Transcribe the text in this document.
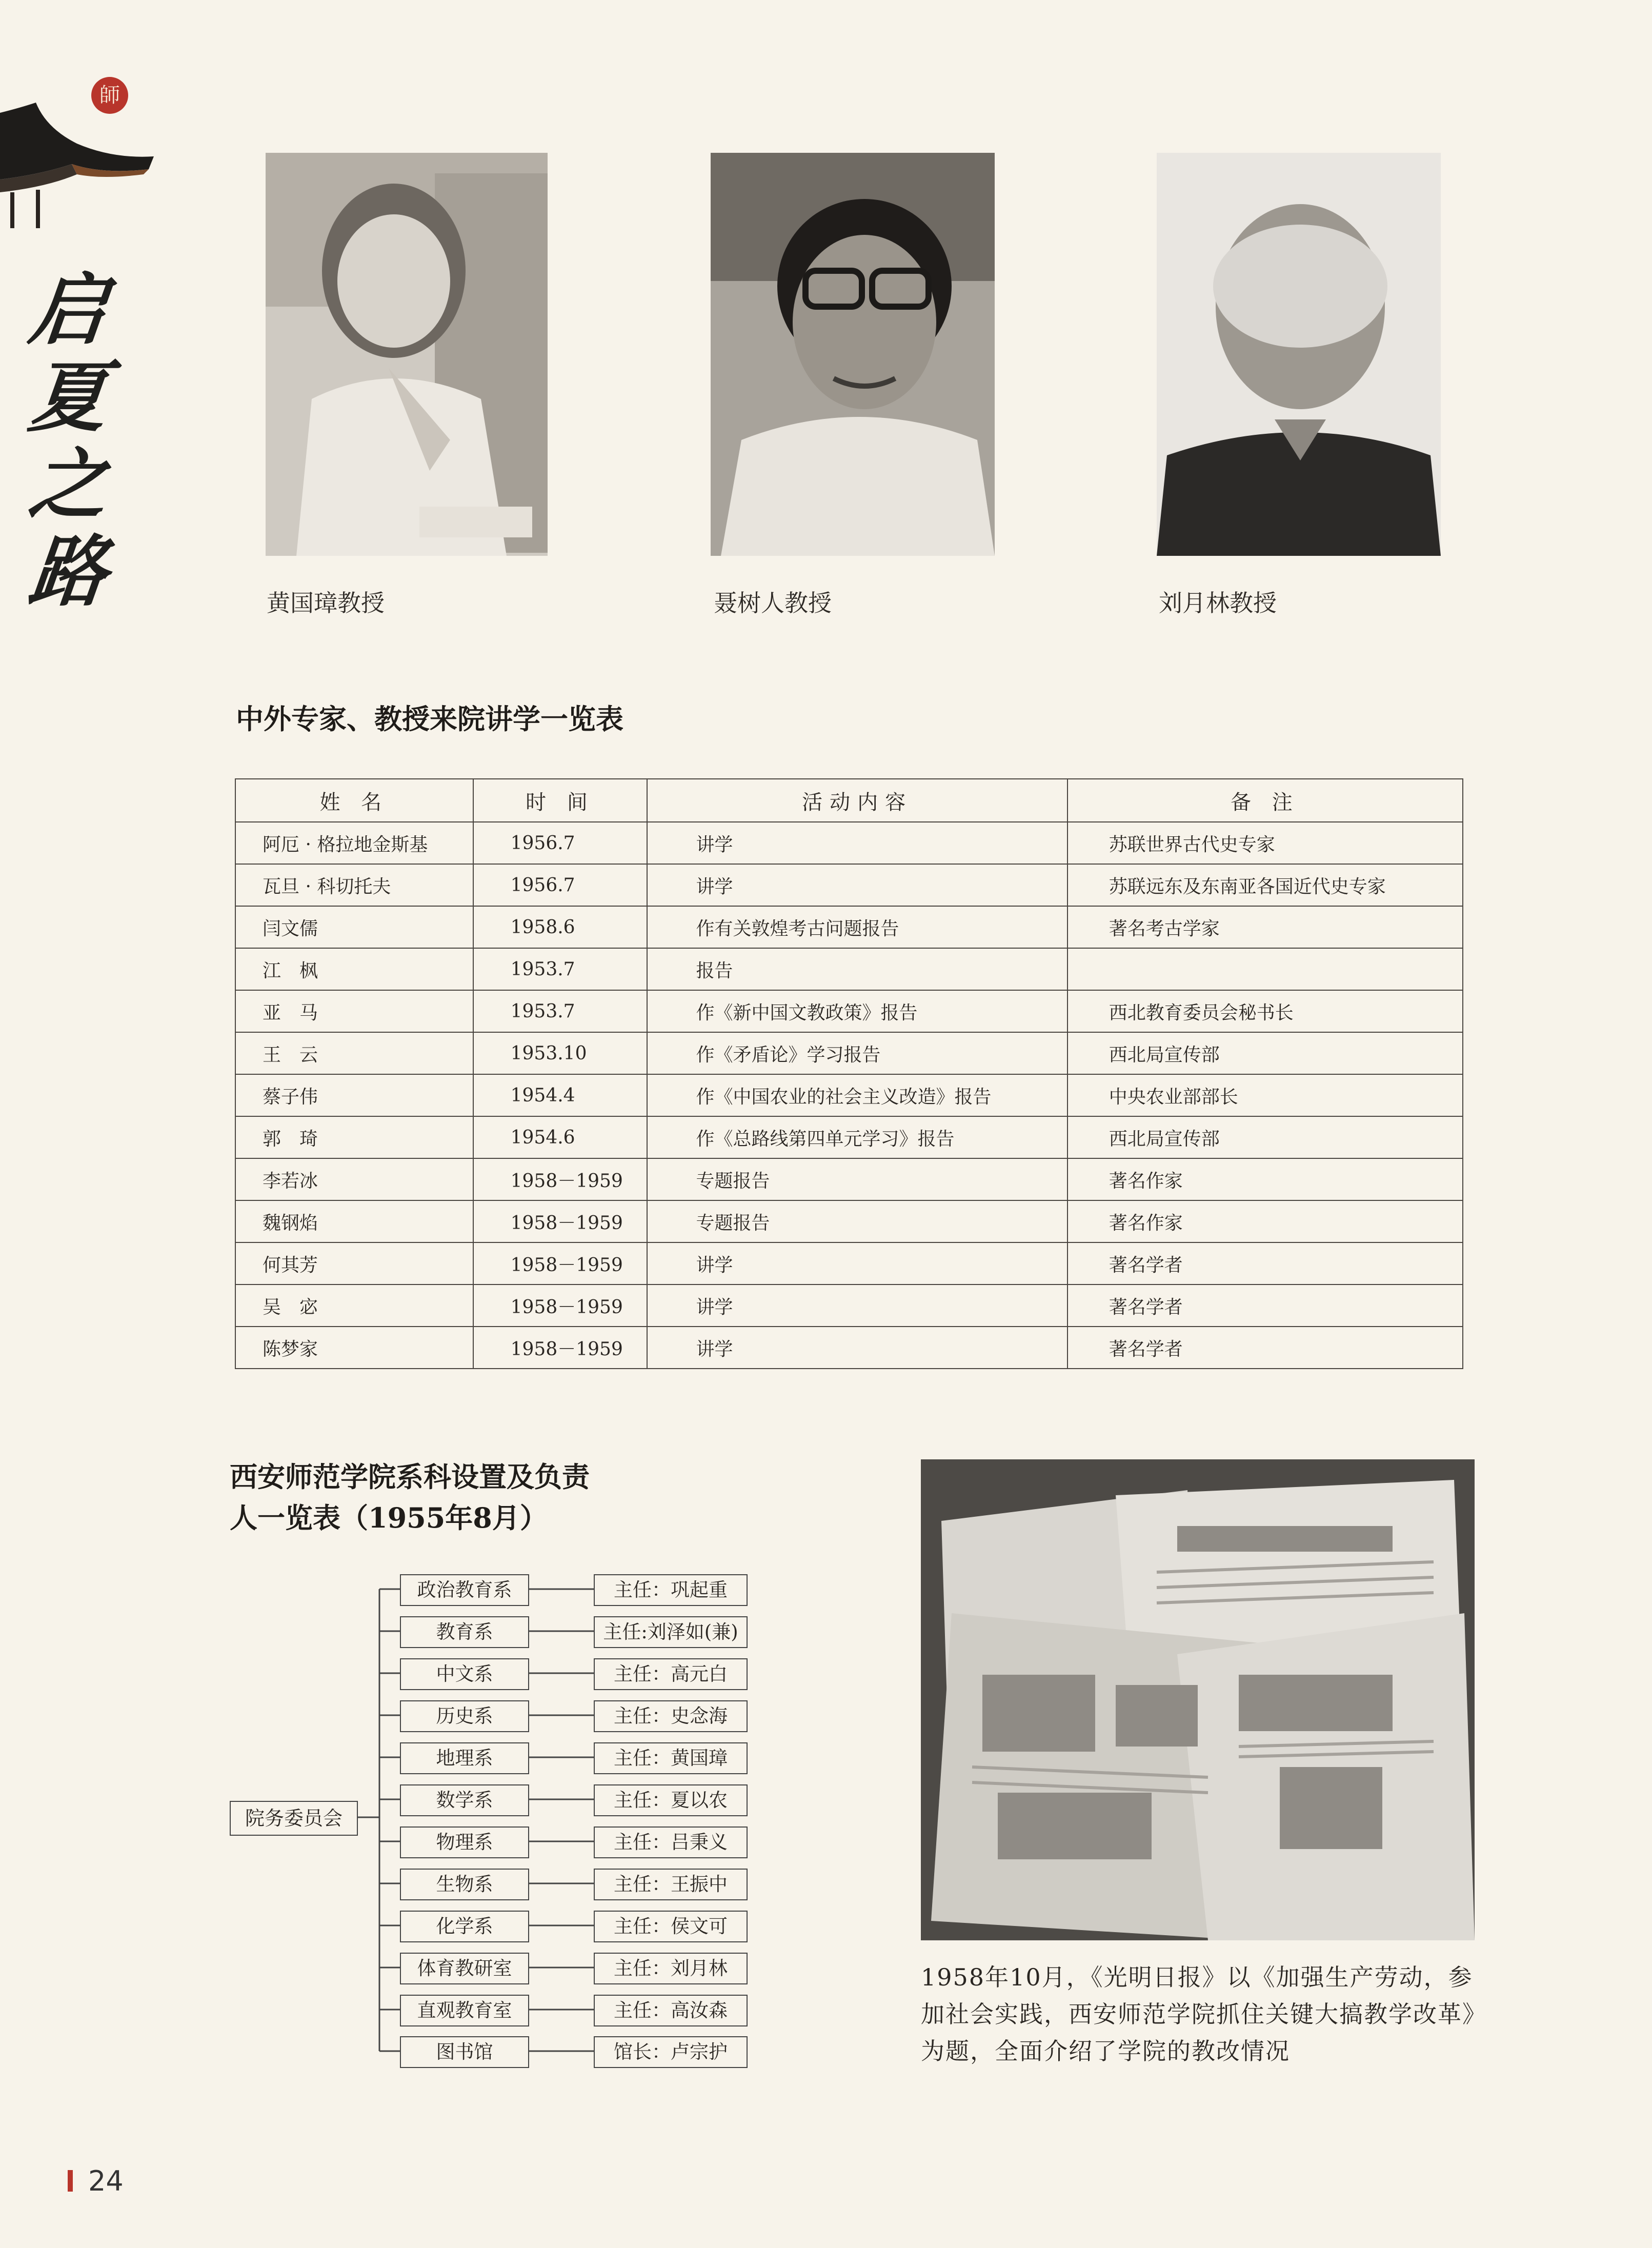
師
启
夏
之
路	黄国璋教授	聂树人教授	刘月林教授
中外专家、教授来院讲学一览表
姓 名	时 间	活动内容	备 注
阿厄 · 格拉地金斯基	1956.7	讲学	苏联世界古代史专家
瓦旦 · 科切托夫	1956.7	讲学	苏联远东及东南亚各国近代史专家
闫文儒	1958.6	作有关敦煌考古问题报告	著名考古学家
江　枫	1953.7	报告	
亚　马	1953.7	作《新中国文教政策》报告	西北教育委员会秘书长
王　云	1953.10	作《矛盾论》学习报告	西北局宣传部
蔡子伟	1954.4	作《中国农业的社会主义改造》报告	中央农业部部长
郭　琦	1954.6	作《总路线第四单元学习》报告	西北局宣传部
李若冰	1958－1959	专题报告	著名作家
魏钢焰	1958－1959	专题报告	著名作家
何其芳	1958－1959	讲学	著名学者
吴　宓	1958－1959	讲学	著名学者
陈梦家	1958－1959	讲学	著名学者
西安师范学院系科设置及负责
人一览表（1955年8月）
院务委员会
政治教育系	主任：巩起重
教育系	主任:刘泽如(兼)
中文系	主任：高元白
历史系	主任：史念海
地理系	主任：黄国璋
数学系	主任：夏以农
物理系	主任：吕秉义
生物系	主任：王振中
化学系	主任：侯文可
体育教研室	主任：刘月林
直观教育室	主任：高汝森
图书馆	馆长：卢宗护
1958年10月，《光明日报》以《加强生产劳动，参加社会实践，西安师范学院抓住关键大搞教学改革》为题，全面介绍了学院的教改情况
24
